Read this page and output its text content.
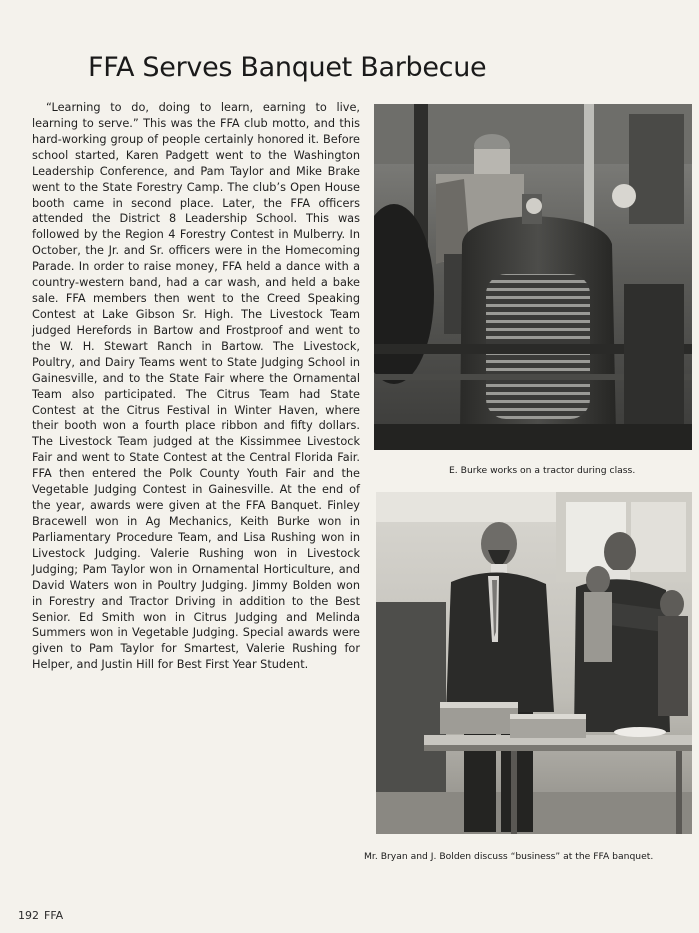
FFA Serves Banquet Barbecue

“Learning to do, doing to learn, earning to live, learning to serve.” This was the FFA club motto, and this hard-working group of people certainly honored it. Before school started, Karen Padgett went to the Washington Leadership Conference, and Pam Taylor and Mike Brake went to the State Forestry Camp. The club’s Open House booth came in second place. Later, the FFA officers attended the District 8 Leadership School. This was followed by the Region 4 Forestry Contest in Mulberry. In October, the Jr. and Sr. officers were in the Homecoming Parade. In order to raise money, FFA held a dance with a country-western band, had a car wash, and held a bake sale. FFA members then went to the Creed Speaking Contest at Lake Gibson Sr. High. The Livestock Team judged Herefords in Bartow and Frostproof and went to the W. H. Stewart Ranch in Bartow. The Livestock, Poultry, and Dairy Teams went to State Judging School in Gainesville, and to the State Fair where the Ornamental Team also participated. The Citrus Team had State Contest at the Citrus Festival in Winter Haven, where their booth won a fourth place ribbon and fifty dollars. The Livestock Team judged at the Kissimmee Livestock Fair and went to State Contest at the Central Florida Fair. FFA then entered the Polk County Youth Fair and the Vegetable Judging Contest in Gainesville. At the end of the year, awards were given at the FFA Banquet. Finley Bracewell won in Ag Mechanics, Keith Burke won in Parliamentary Procedure Team, and Lisa Rushing won in Livestock Judging. Valerie Rushing won in Livestock Judging; Pam Taylor won in Ornamental Horticulture, and David Waters won in Poultry Judging. Jimmy Bolden won in Forestry and Tractor Driving in addition to the Best Senior. Ed Smith won in Citrus Judging and Melinda Summers won in Vegetable Judging. Special awards were given to Pam Taylor for Smartest, Valerie Rushing for Helper, and Justin Hill for Best First Year Student.

E. Burke works on a tractor during class.
Mr. Bryan and J. Bolden discuss “business” at the FFA banquet.
192 FFA
